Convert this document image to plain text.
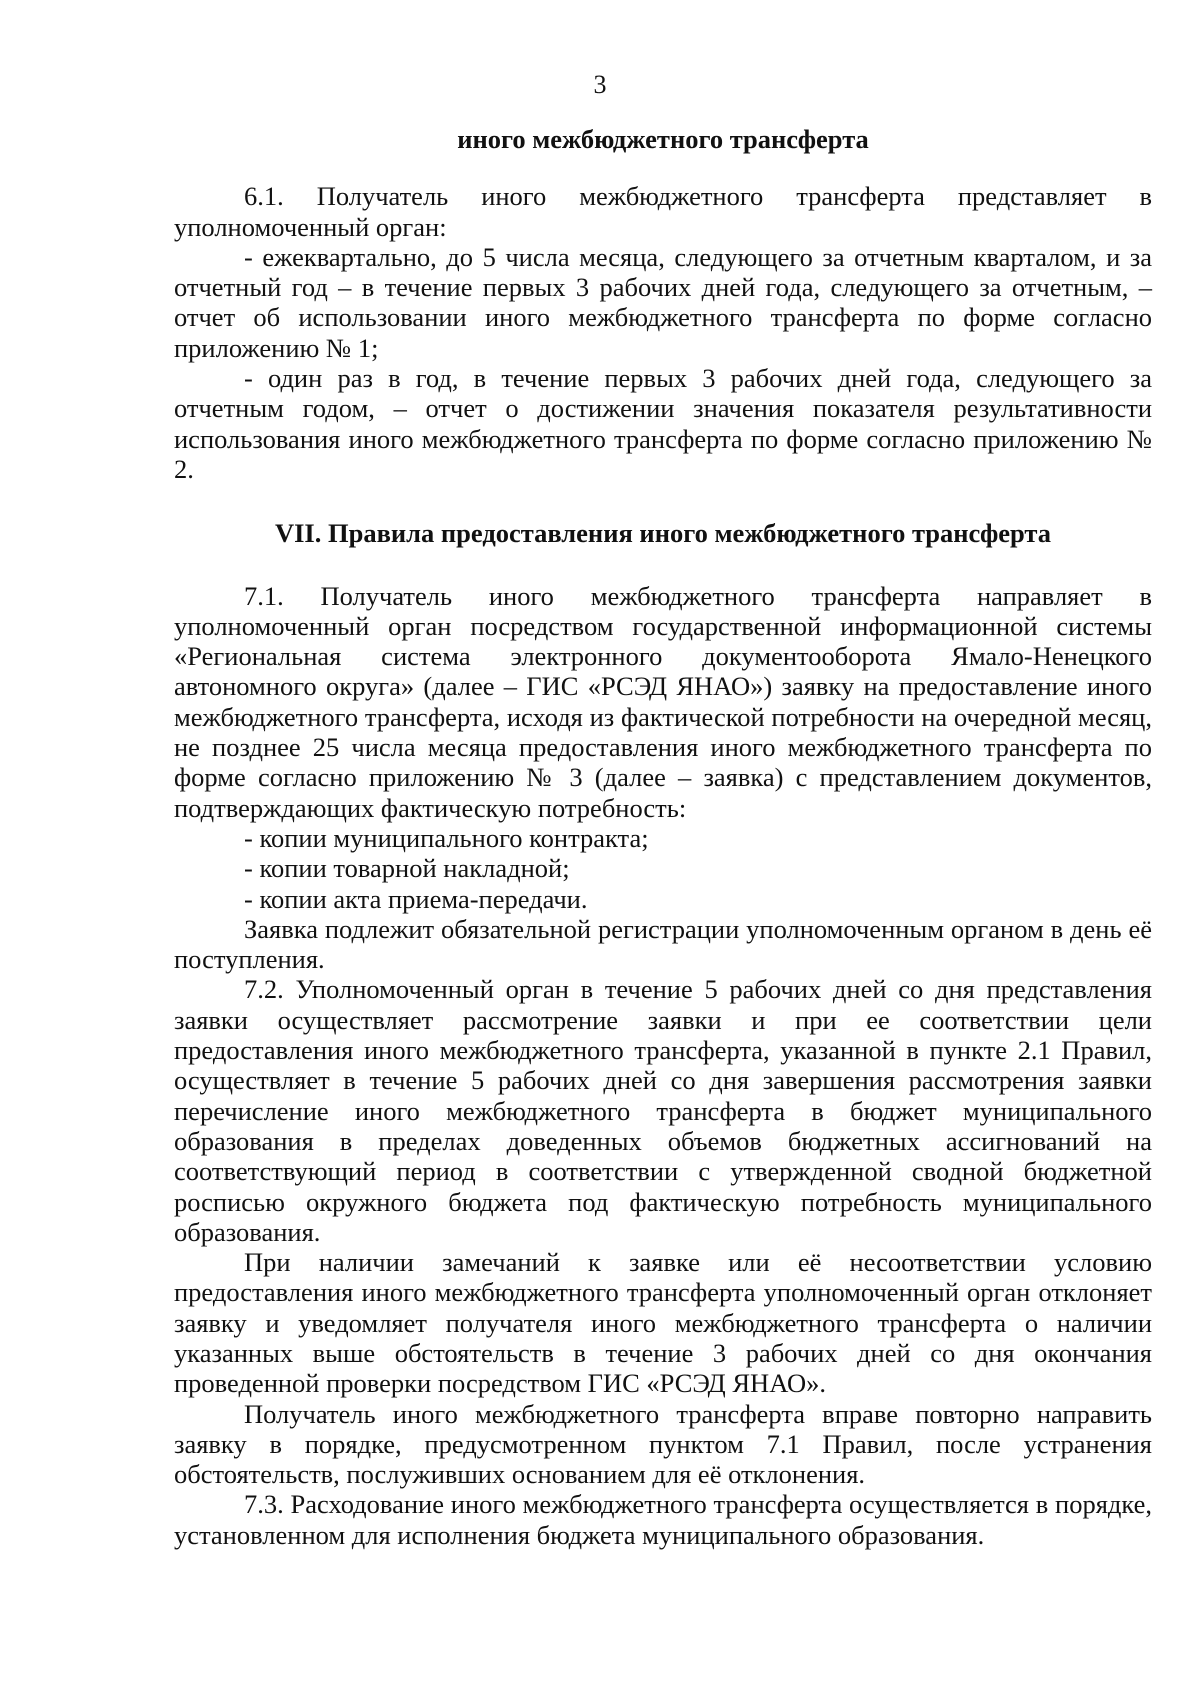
3

иного межбюджетного трансферта

6.1. Получатель иного межбюджетного трансферта представляет в уполномоченный орган:

- ежеквартально, до 5 числа месяца, следующего за отчетным кварталом, и за отчетный год – в течение первых 3 рабочих дней года, следующего за отчетным, – отчет об использовании иного межбюджетного трансферта по форме согласно приложению № 1;

- один раз в год, в течение первых 3 рабочих дней года, следующего за отчетным годом, – отчет о достижении значения показателя результативности использования иного межбюджетного трансферта по форме согласно приложению № 2.

VII. Правила предоставления иного межбюджетного трансферта

7.1. Получатель иного межбюджетного трансферта направляет в уполномоченный орган посредством государственной информационной системы «Региональная система электронного документооборота Ямало-Ненецкого автономного округа» (далее – ГИС «РСЭД ЯНАО») заявку на предоставление иного межбюджетного трансферта, исходя из фактической потребности на очередной месяц, не позднее 25 числа месяца предоставления иного межбюджетного трансферта по форме согласно приложению № 3 (далее – заявка) с представлением документов, подтверждающих фактическую потребность:

- копии муниципального контракта;

- копии товарной накладной;

- копии акта приема-передачи.

Заявка подлежит обязательной регистрации уполномоченным органом в день её поступления.

7.2. Уполномоченный орган в течение 5 рабочих дней со дня представления заявки осуществляет рассмотрение заявки и при ее соответствии цели предоставления иного межбюджетного трансферта, указанной в пункте 2.1 Правил, осуществляет в течение 5 рабочих дней со дня завершения рассмотрения заявки перечисление иного межбюджетного трансферта в бюджет муниципального образования в пределах доведенных объемов бюджетных ассигнований на соответствующий период в соответствии с утвержденной сводной бюджетной росписью окружного бюджета под фактическую потребность муниципального образования.

При наличии замечаний к заявке или её несоответствии условию предоставления иного межбюджетного трансферта уполномоченный орган отклоняет заявку и уведомляет получателя иного межбюджетного трансферта о наличии указанных выше обстоятельств в течение 3 рабочих дней со дня окончания проведенной проверки посредством ГИС «РСЭД ЯНАО».

Получатель иного межбюджетного трансферта вправе повторно направить заявку в порядке, предусмотренном пунктом 7.1 Правил, после устранения обстоятельств, послуживших основанием для её отклонения.

7.3. Расходование иного межбюджетного трансферта осуществляется в порядке, установленном для исполнения бюджета муниципального образования.
